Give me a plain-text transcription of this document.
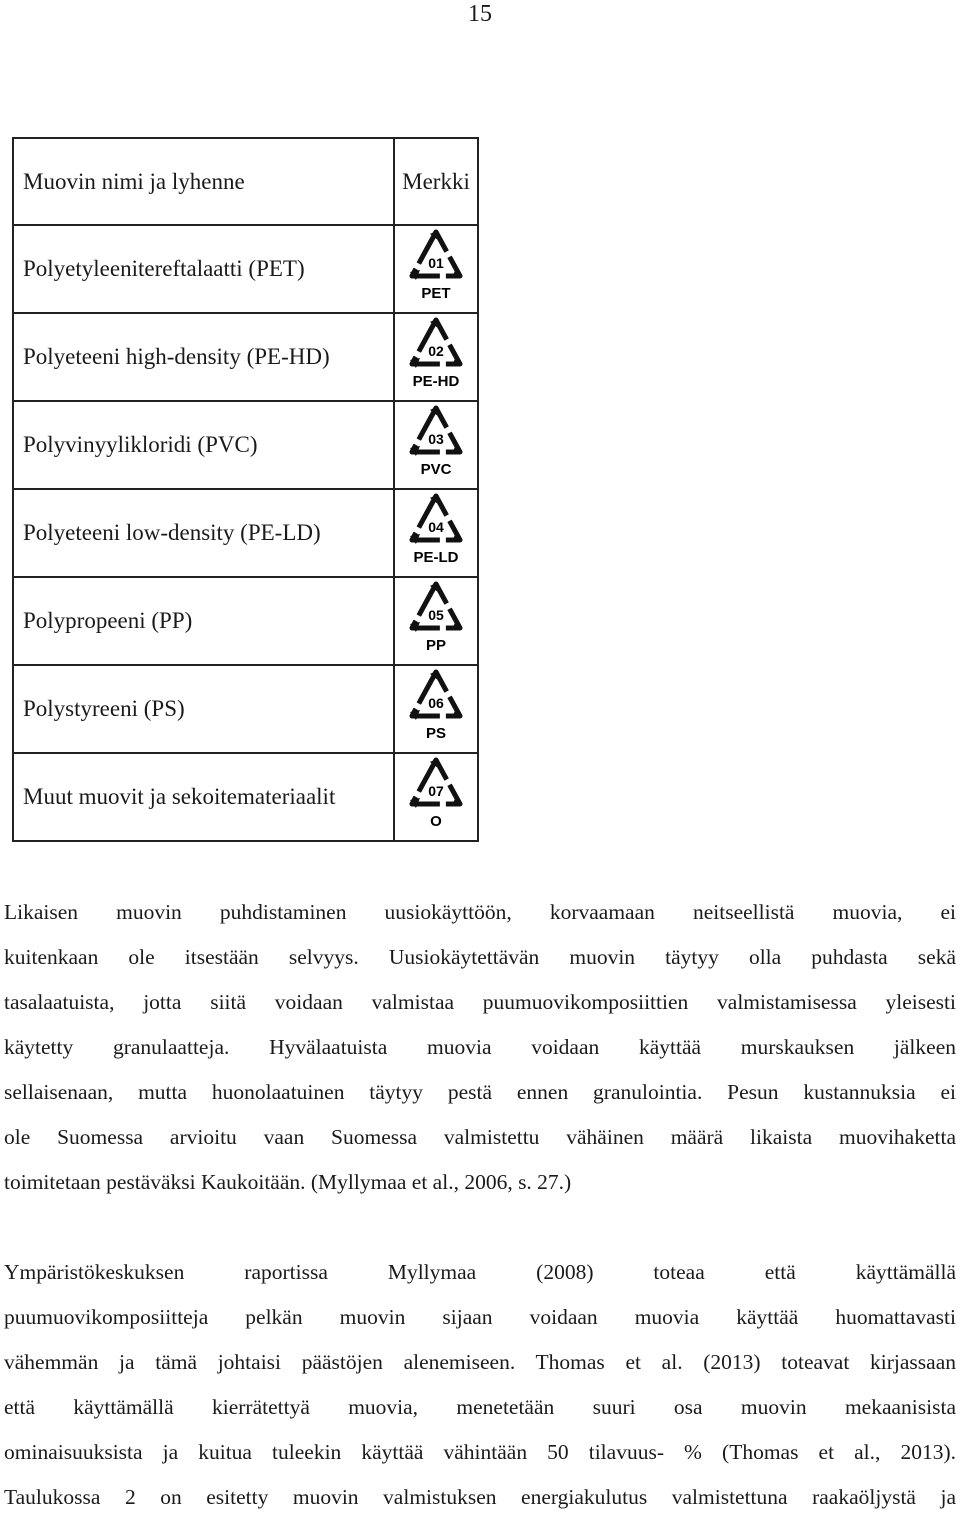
15
Muovin nimi ja lyhenne	Merkki
Polyetyleenitereftalaatti (PET)	01
PET

Polyeteeni high-density (PE-HD)	02
PE-HD

Polyvinyylikloridi (PVC)	03
PVC

Polyeteeni low-density (PE-LD)	04
PE-LD

Polypropeeni (PP)	05
PP

Polystyreeni (PS)	06
PS

Muut muovit ja sekoitemateriaalit	07
O
Likaisen muovin puhdistaminen uusiokäyttöön, korvaamaan neitseellistä muovia, ei
kuitenkaan ole itsestään selvyys. Uusiokäytettävän muovin täytyy olla puhdasta sekä
tasalaatuista, jotta siitä voidaan valmistaa puumuovikomposiittien valmistamisessa yleisesti
käytetty granulaatteja. Hyvälaatuista muovia voidaan käyttää murskauksen jälkeen
sellaisenaan, mutta huonolaatuinen täytyy pestä ennen granulointia. Pesun kustannuksia ei
ole Suomessa arvioitu vaan Suomessa valmistettu vähäinen määrä likaista muovihaketta
toimitetaan pestäväksi Kaukoitään. (Myllymaa et al., 2006, s. 27.)
Ympäristökeskuksen raportissa Myllymaa (2008) toteaa että käyttämällä
puumuovikomposiitteja pelkän muovin sijaan voidaan muovia käyttää huomattavasti
vähemmän ja tämä johtaisi päästöjen alenemiseen. Thomas et al. (2013) toteavat kirjassaan
että käyttämällä kierrätettyä muovia, menetetään suuri osa muovin mekaanisista
ominaisuuksista ja kuitua tuleekin käyttää vähintään 50 tilavuus- % (Thomas et al., 2013).
Taulukossa 2 on esitetty muovin valmistuksen energiakulutus valmistettuna raakaöljystä ja
